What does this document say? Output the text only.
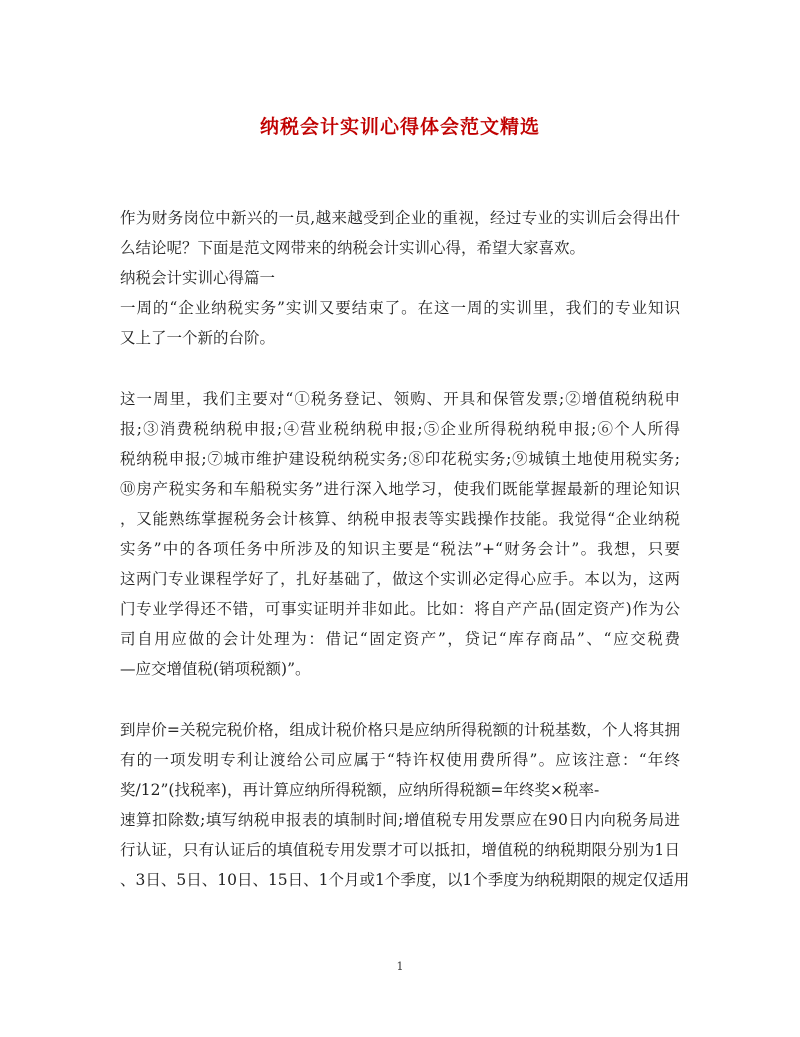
纳税会计实训心得体会范文精选
作为财务岗位中新兴的一员,越来越受到企业的重视，经过专业的实训后会得出什
么结论呢？下面是范文网带来的纳税会计实训心得，希望大家喜欢。
纳税会计实训心得篇一
一周的“企业纳税实务”实训又要结束了。在这一周的实训里，我们的专业知识
又上了一个新的台阶。
这一周里，我们主要对“①税务登记、领购、开具和保管发票;②增值税纳税申
报;③消费税纳税申报;④营业税纳税申报;⑤企业所得税纳税申报;⑥个人所得
税纳税申报;⑦城市维护建设税纳税实务;⑧印花税实务;⑨城镇土地使用税实务;
⑩房产税实务和车船税实务”进行深入地学习，使我们既能掌握最新的理论知识
，又能熟练掌握税务会计核算、纳税申报表等实践操作技能。我觉得“企业纳税
实务”中的各项任务中所涉及的知识主要是“税法”+“财务会计”。我想，只要
这两门专业课程学好了，扎好基础了，做这个实训必定得心应手。本以为，这两
门专业学得还不错，可事实证明并非如此。比如：将自产产品(固定资产)作为公
司自用应做的会计处理为：借记“固定资产”，贷记“库存商品”、“应交税费
—应交增值税(销项税额)”。
到岸价=关税完税价格，组成计税价格只是应纳所得税额的计税基数，个人将其拥
有的一项发明专利让渡给公司应属于“特许权使用费所得”。应该注意：“年终
奖/12”(找税率)，再计算应纳所得税额，应纳所得税额=年终奖×税率-
速算扣除数;填写纳税申报表的填制时间;增值税专用发票应在90日内向税务局进
行认证，只有认证后的填值税专用发票才可以抵扣，增值税的纳税期限分别为1日
、3日、5日、10日、15日、1个月或1个季度，以1个季度为纳税期限的规定仅适用
1
